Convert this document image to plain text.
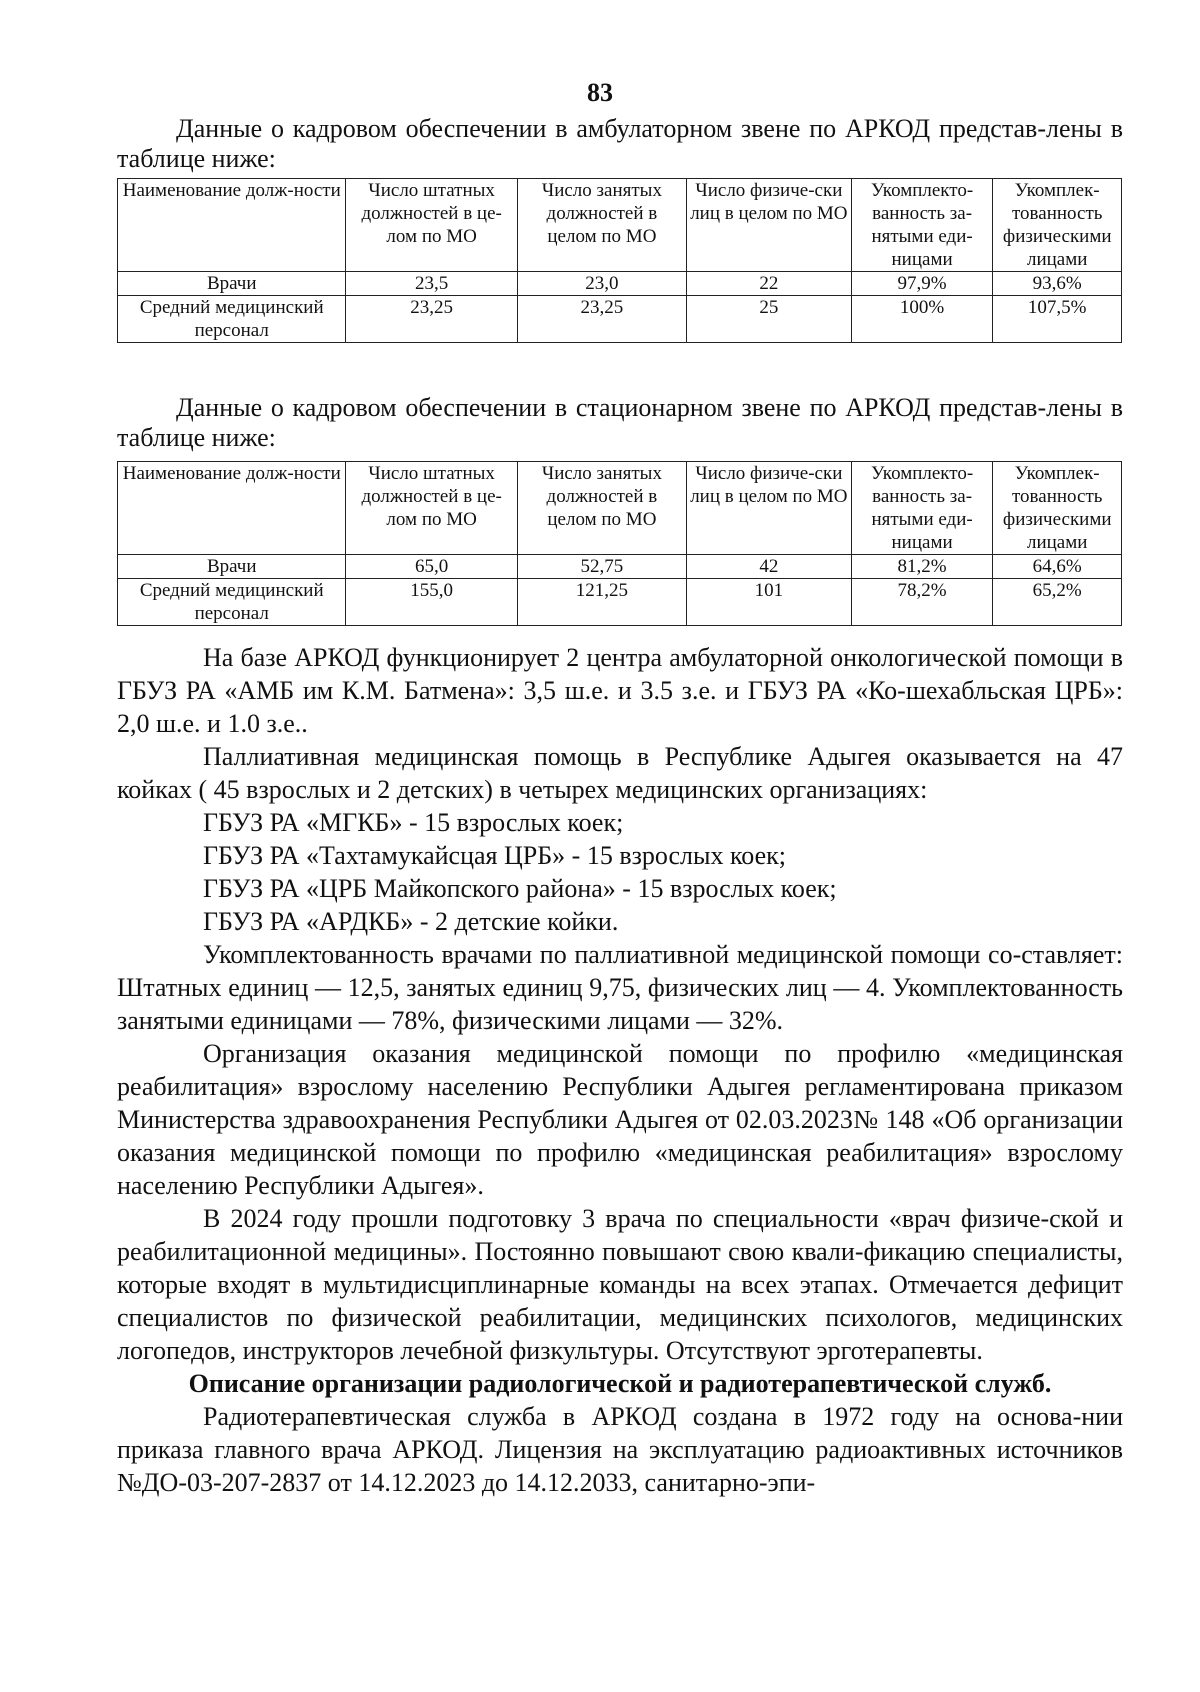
83

Данные о кадровом обеспечении в амбулаторном звене по АРКОД представ-лены в таблице ниже:

Наименование долж-ности	Число штатных должностей в це-лом по МО	Число занятых должностей в целом по МО	Число физиче-ски лиц в целом по МО	Укомплекто-ванность за-нятыми еди-ницами	Укомплек-тованность физическими лицами
Врачи	23,5	23,0	22	97,9%	93,6%
Средний медицинский персонал	23,25	23,25	25	100%	107,5%

Данные о кадровом обеспечении в стационарном звене по АРКОД представ-лены в таблице ниже:

Наименование долж-ности	Число штатных должностей в це-лом по МО	Число занятых должностей в целом по МО	Число физиче-ски лиц в целом по МО	Укомплекто-ванность за-нятыми еди-ницами	Укомплек-тованность физическими лицами
Врачи	65,0	52,75	42	81,2%	64,6%
Средний медицинский персонал	155,0	121,25	101	78,2%	65,2%

На базе АРКОД функционирует 2 центра амбулаторной онкологической помощи в ГБУЗ РА «АМБ им К.М. Батмена»: 3,5 ш.е. и 3.5 з.е. и ГБУЗ РА «Ко-шехабльская ЦРБ»: 2,0 ш.е. и 1.0 з.е..

Паллиативная медицинская помощь в Республике Адыгея оказывается на 47 койках ( 45 взрослых и 2 детских) в четырех медицинских организациях:

ГБУЗ РА «МГКБ» - 15 взрослых коек;

ГБУЗ РА «Тахтамукайсцая ЦРБ» - 15 взрослых коек;

ГБУЗ РА «ЦРБ Майкопского района» - 15 взрослых коек;

ГБУЗ РА «АРДКБ» - 2 детские койки.

Укомплектованность врачами по паллиативной медицинской помощи со-ставляет: Штатных единиц — 12,5, занятых единиц 9,75, физических лиц — 4. Укомплектованность занятыми единицами — 78%, физическими лицами — 32%.

Организация оказания медицинской помощи по профилю «медицинская реабилитация» взрослому населению Республики Адыгея регламентирована приказом Министерства здравоохранения Республики Адыгея от 02.03.2023№ 148 «Об организации оказания медицинской помощи по профилю «медицинская реабилитация» взрослому населению Республики Адыгея».

В 2024 году прошли подготовку 3 врача по специальности «врач физиче-ской и реабилитационной медицины». Постоянно повышают свою квали-фикацию специалисты, которые входят в мультидисциплинарные команды на всех этапах. Отмечается дефицит специалистов по физической реабилитации, медицинских психологов, медицинских логопедов, инструкторов лечебной физкультуры. Отсутствуют эрготерапевты.

Описание организации радиологической и радиотерапевтической служб.

Радиотерапевтическая служба в АРКОД создана в 1972 году на основа-нии приказа главного врача АРКОД. Лицензия на эксплуатацию радиоактивных источников №ДО-03-207-2837 от 14.12.2023 до 14.12.2033, санитарно-эпи-
